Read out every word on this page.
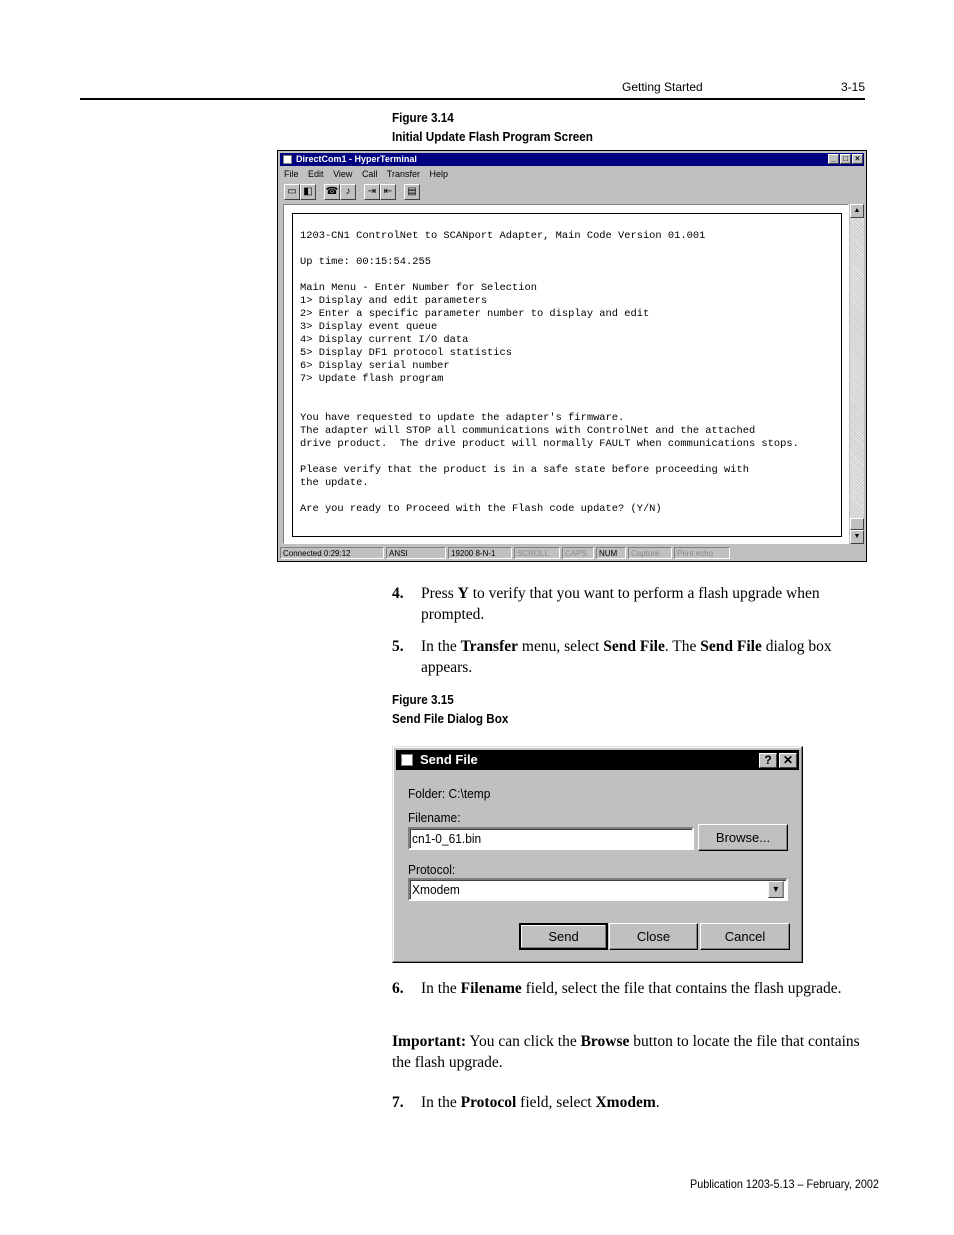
Getting Started	3-15
Figure 3.14
Initial Update Flash Program Screen
DirectCom1 - HyperTerminal	_ □ ×
File Edit View Call Transfer Help
▭ ◧	☎ ♪	⇥ ⇤	▤
1203-CN1 ControlNet to SCANport Adapter, Main Code Version 01.001

Up time: 00:15:54.255

Main Menu - Enter Number for Selection
1> Display and edit parameters
2> Enter a specific parameter number to display and edit
3> Display event queue
4> Display current I/O data
5> Display DF1 protocol statistics
6> Display serial number
7> Update flash program

You have requested to update the adapter's firmware.
The adapter will STOP all communications with ControlNet and the attached
drive product.  The drive product will normally FAULT when communications stops.

Please verify that the product is in a safe state before proceeding with
the update.

Are you ready to Proceed with the Flash code update? (Y/N)
▲
▼
Connected 0:29:12	ANSI	19200 8-N-1	SCROLL	CAPS	NUM	Capture	Print echo
4. Press Y to verify that you want to perform a flash upgrade when prompted.
5. In the Transfer menu, select Send File. The Send File dialog box appears.
Figure 3.15
Send File Dialog Box
Send File	? ✕
Folder: C:\temp
Filename:
cn1-0_61.bin	Browse...
Protocol:
Xmodem	▼
Send	Close	Cancel
6. In the Filename field, select the file that contains the flash upgrade.
Important: You can click the Browse button to locate the file that contains the flash upgrade.
7. In the Protocol field, select Xmodem.
Publication 1203-5.13 – February, 2002
